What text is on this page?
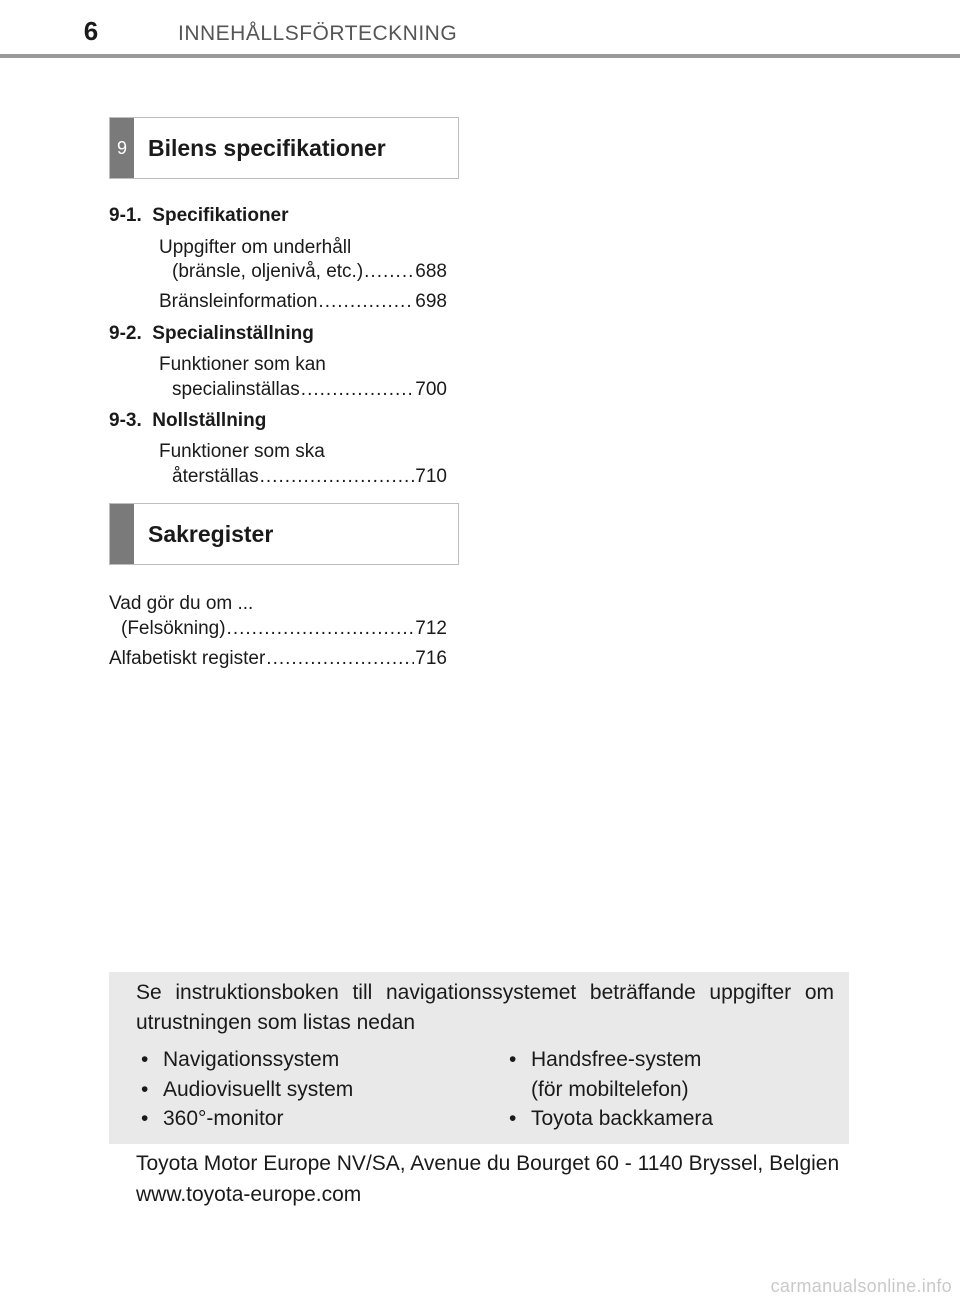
6	INNEHÅLLSFÖRTECKNING
9 Bilens specifikationer
9-1.  Specifikationer
Uppgifter om underhåll
(bränsle, oljenivå, etc.) .....	688
Bränsleinformation .....	698
9-2.  Specialinställning
Funktioner som kan
specialinställas .....	700
9-3.  Nollställning
Funktioner som ska
återställas .....	710
Sakregister
Vad gör du om ...
(Felsökning) .....	712
Alfabetiskt register .....	716
Se instruktionsboken till navigationssystemet beträffande uppgifter om utrustningen som listas nedan
• Navigationssystem
• Audiovisuellt system
• 360°-monitor
• Handsfree-system
(för mobiltelefon)
• Toyota backkamera
Toyota Motor Europe NV/SA, Avenue du Bourget 60 - 1140 Bryssel, Belgien www.toyota-europe.com
carmanualsonline.info
